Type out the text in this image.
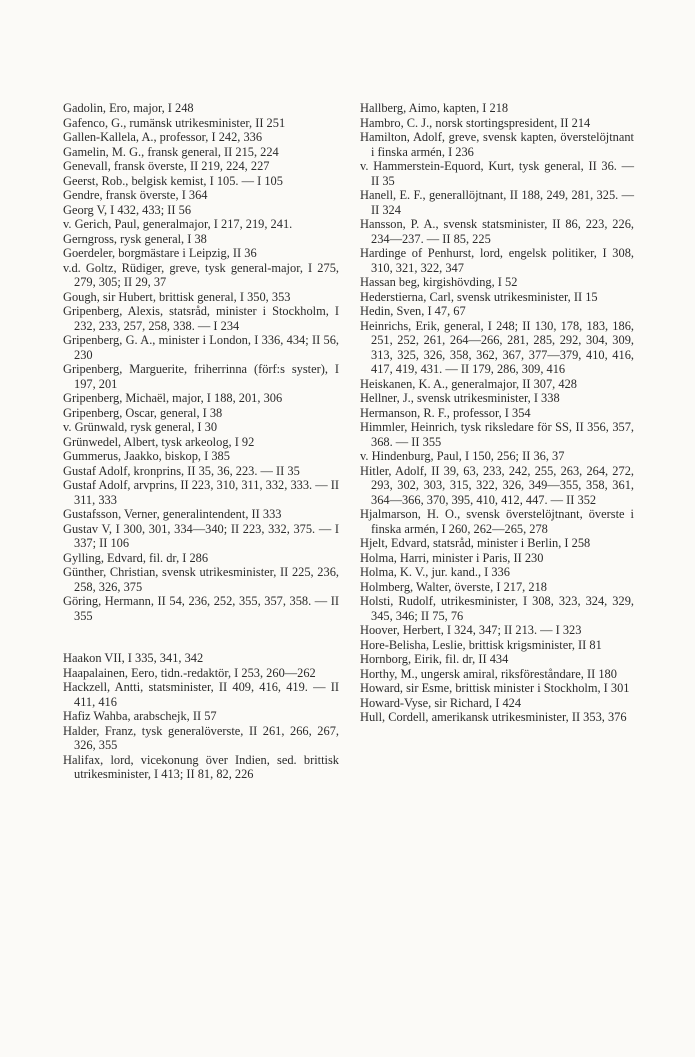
Gadolin, Ero, major, I 248

Gafenco, G., rumänsk utrikesminister, II 251

Gallen-Kallela, A., professor, I 242, 336

Gamelin, M. G., fransk general, II 215, 224

Genevall, fransk överste, II 219, 224, 227

Geerst, Rob., belgisk kemist, I 105. — I 105

Gendre, fransk överste, I 364

Georg V, I 432, 433; II 56

v. Gerich, Paul, generalmajor, I 217, 219, 241.

Gerngross, rysk general, I 38

Goerdeler, borgmästare i Leipzig, II 36

v.d. Goltz, Rüdiger, greve, tysk general-major, I 275, 279, 305; II 29, 37

Gough, sir Hubert, brittisk general, I 350, 353

Gripenberg, Alexis, statsråd, minister i Stockholm, I 232, 233, 257, 258, 338. — I 234

Gripenberg, G. A., minister i London, I 336, 434; II 56, 230

Gripenberg, Marguerite, friherrinna (förf:s syster), I 197, 201

Gripenberg, Michaël, major, I 188, 201, 306

Gripenberg, Oscar, general, I 38

v. Grünwald, rysk general, I 30

Grünwedel, Albert, tysk arkeolog, I 92

Gummerus, Jaakko, biskop, I 385

Gustaf Adolf, kronprins, II 35, 36, 223. — II 35

Gustaf Adolf, arvprins, II 223, 310, 311, 332, 333. — II 311, 333

Gustafsson, Verner, generalintendent, II 333

Gustav V, I 300, 301, 334—340; II 223, 332, 375. — I 337; II 106

Gylling, Edvard, fil. dr, I 286

Günther, Christian, svensk utrikesminister, II 225, 236, 258, 326, 375

Göring, Hermann, II 54, 236, 252, 355, 357, 358. — II 355

Haakon VII, I 335, 341, 342

Haapalainen, Eero, tidn.-redaktör, I 253, 260—262

Hackzell, Antti, statsminister, II 409, 416, 419. — II 411, 416

Hafiz Wahba, arabschejk, II 57

Halder, Franz, tysk generalöverste, II 261, 266, 267, 326, 355

Halifax, lord, vicekonung över Indien, sed. brittisk utrikesminister, I 413; II 81, 82, 226

Hallberg, Aimo, kapten, I 218

Hambro, C. J., norsk stortingspresident, II 214

Hamilton, Adolf, greve, svensk kapten, överstelöjtnant i finska armén, I 236

v. Hammerstein-Equord, Kurt, tysk general, II 36. — II 35

Hanell, E. F., generallöjtnant, II 188, 249, 281, 325. — II 324

Hansson, P. A., svensk statsminister, II 86, 223, 226, 234—237. — II 85, 225

Hardinge of Penhurst, lord, engelsk politiker, I 308, 310, 321, 322, 347

Hassan beg, kirgishövding, I 52

Hederstierna, Carl, svensk utrikesminister, II 15

Hedin, Sven, I 47, 67

Heinrichs, Erik, general, I 248; II 130, 178, 183, 186, 251, 252, 261, 264—266, 281, 285, 292, 304, 309, 313, 325, 326, 358, 362, 367, 377—379, 410, 416, 417, 419, 431. — II 179, 286, 309, 416

Heiskanen, K. A., generalmajor, II 307, 428

Hellner, J., svensk utrikesminister, I 338

Hermanson, R. F., professor, I 354

Himmler, Heinrich, tysk riksledare för SS, II 356, 357, 368. — II 355

v. Hindenburg, Paul, I 150, 256; II 36, 37

Hitler, Adolf, II 39, 63, 233, 242, 255, 263, 264, 272, 293, 302, 303, 315, 322, 326, 349—355, 358, 361, 364—366, 370, 395, 410, 412, 447. — II 352

Hjalmarson, H. O., svensk överstelöjtnant, överste i finska armén, I 260, 262—265, 278

Hjelt, Edvard, statsråd, minister i Berlin, I 258

Holma, Harri, minister i Paris, II 230

Holma, K. V., jur. kand., I 336

Holmberg, Walter, överste, I 217, 218

Holsti, Rudolf, utrikesminister, I 308, 323, 324, 329, 345, 346; II 75, 76

Hoover, Herbert, I 324, 347; II 213. — I 323

Hore-Belisha, Leslie, brittisk krigsminister, II 81

Hornborg, Eirik, fil. dr, II 434

Horthy, M., ungersk amiral, riksföreståndare, II 180

Howard, sir Esme, brittisk minister i Stockholm, I 301

Howard-Vyse, sir Richard, I 424

Hull, Cordell, amerikansk utrikesminister, II 353, 376
